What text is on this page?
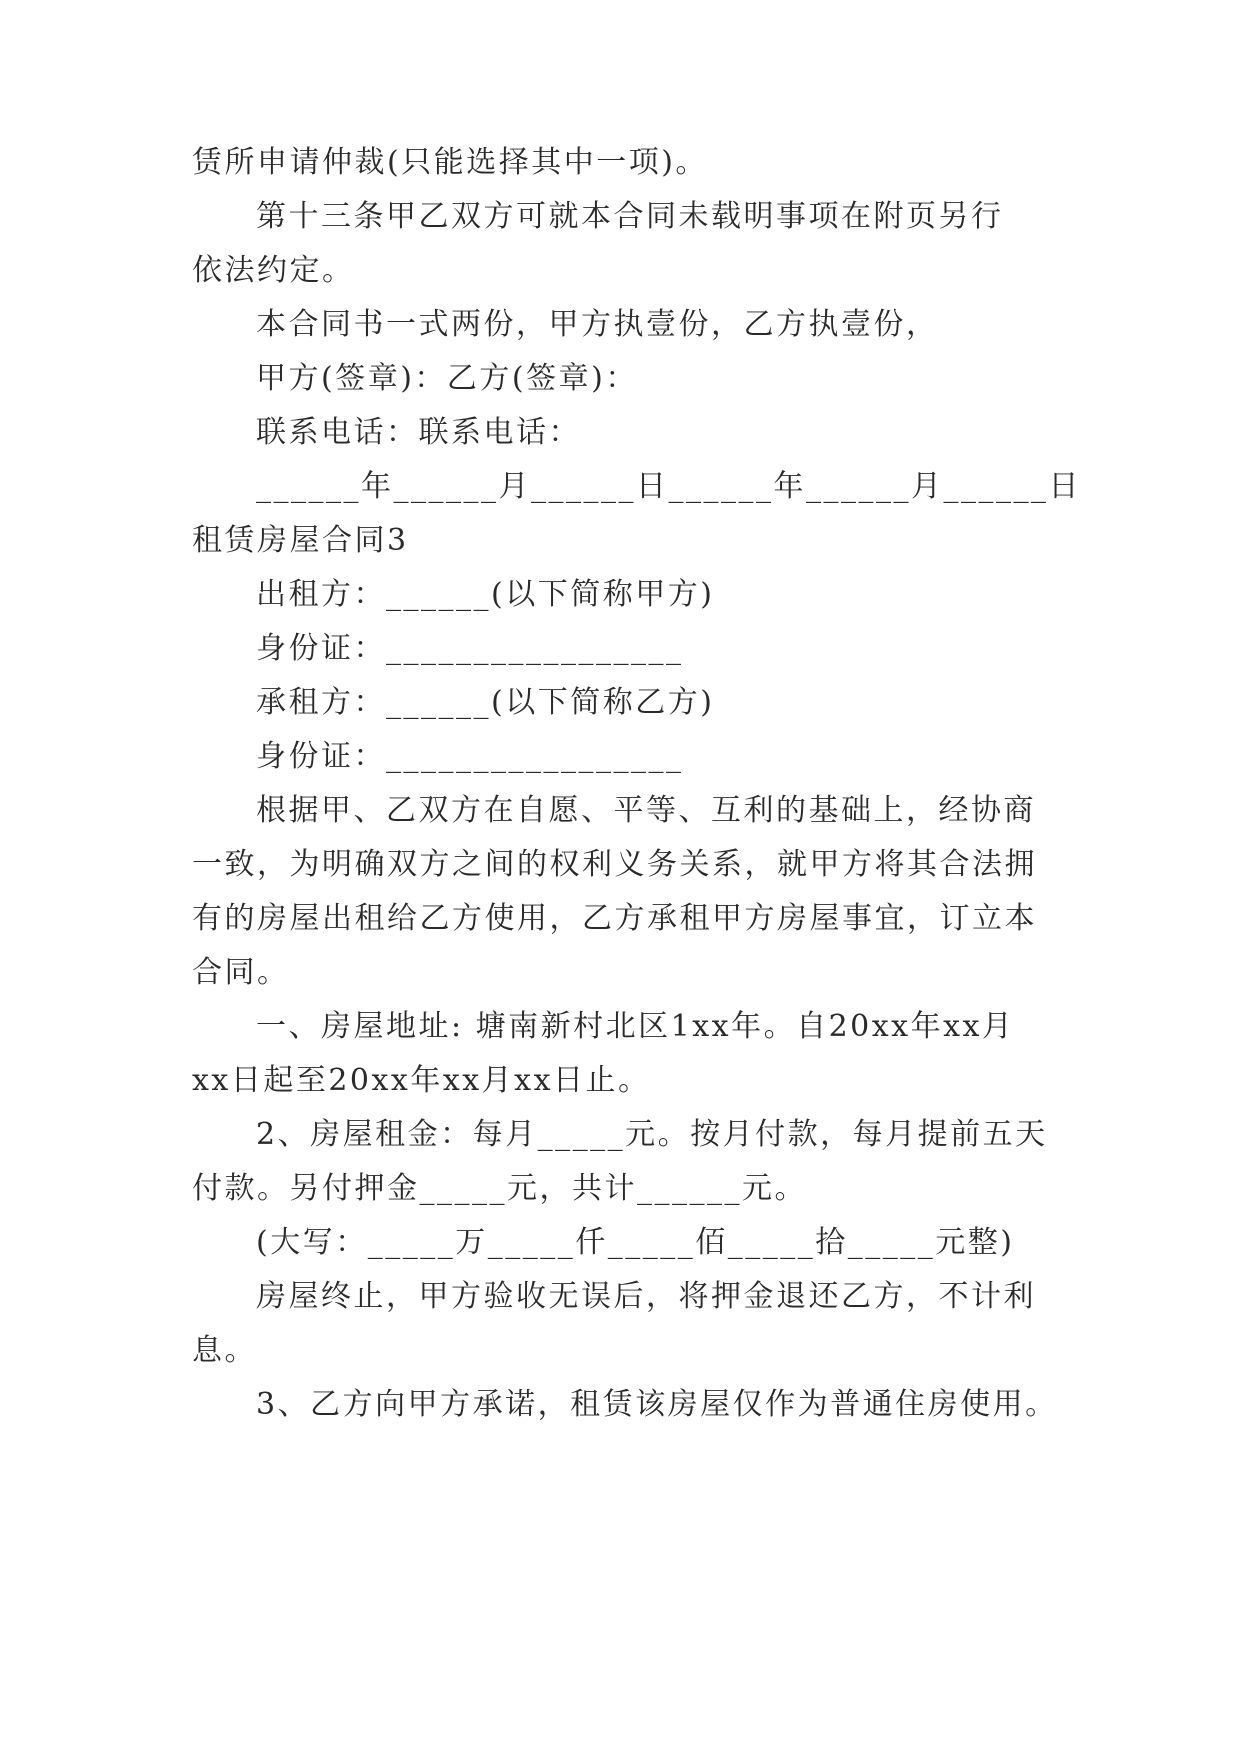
赁所申请仲裁(只能选择其中一项)。
第十三条甲乙双方可就本合同未载明事项在附页另行
依法约定。
本合同书一式两份，甲方执壹份，乙方执壹份，
甲方(签章)：乙方(签章)：
联系电话：联系电话：
______年______月______日______年______月______日
租赁房屋合同3
出租方：______(以下简称甲方)
身份证：_________________
承租方：______(以下简称乙方)
身份证：_________________
根据甲、乙双方在自愿、平等、互利的基础上，经协商
一致，为明确双方之间的权利义务关系，就甲方将其合法拥
有的房屋出租给乙方使用，乙方承租甲方房屋事宜，订立本
合同。
一、房屋地址: 塘南新村北区1xx年。自20xx年xx月
xx日起至20xx年xx月xx日止。
2、房屋租金：每月_____元。按月付款，每月提前五天
付款。另付押金_____元，共计______元。
(大写：_____万_____仟_____佰_____拾_____元整)
房屋终止，甲方验收无误后，将押金退还乙方，不计利
息。
3、乙方向甲方承诺，租赁该房屋仅作为普通住房使用。
